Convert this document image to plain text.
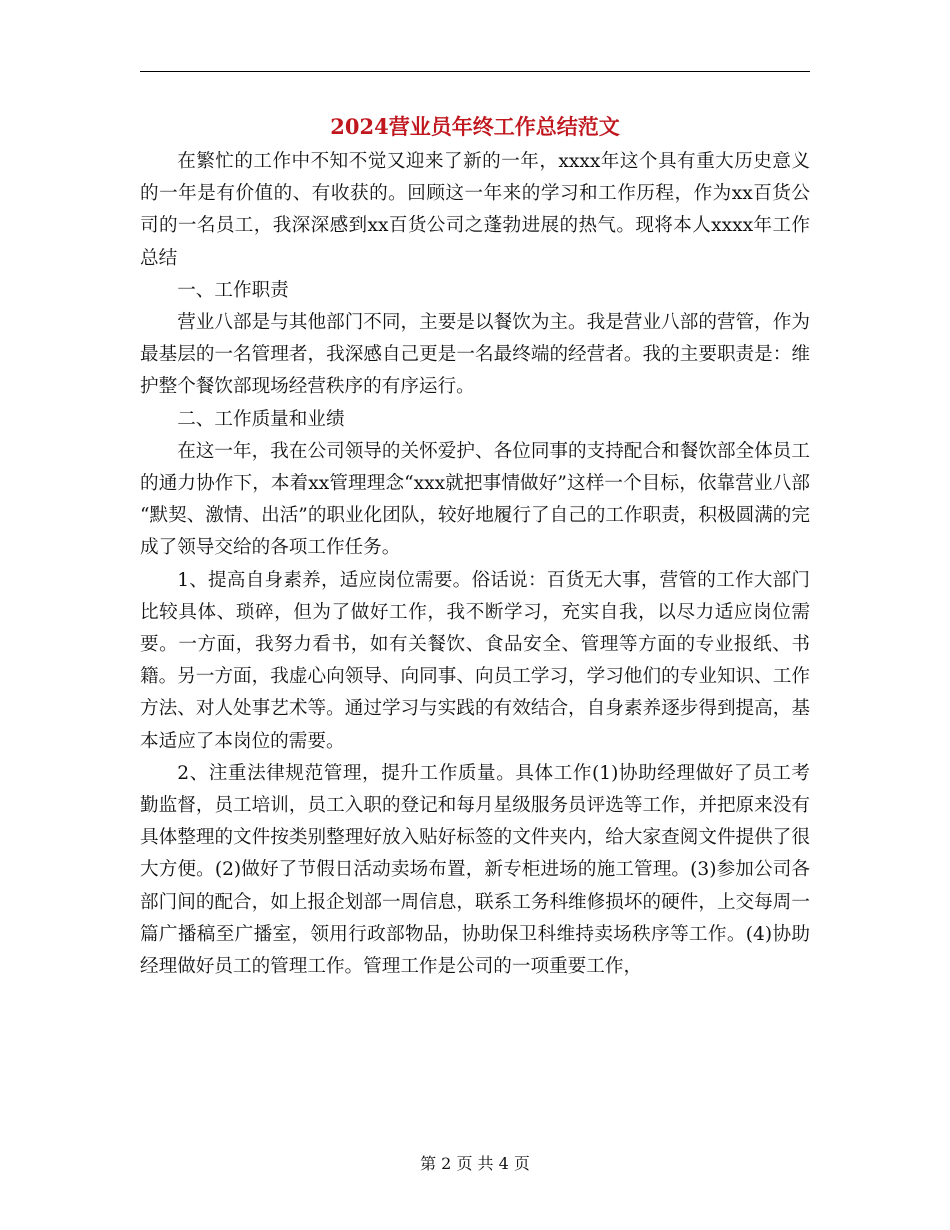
2024营业员年终工作总结范文

在繁忙的工作中不知不觉又迎来了新的一年，xxxx年这个具有重大历史意义的一年是有价值的、有收获的。回顾这一年来的学习和工作历程，作为xx百货公司的一名员工，我深深感到xx百货公司之蓬勃进展的热气。现将本人xxxx年工作总结

一、工作职责

营业八部是与其他部门不同，主要是以餐饮为主。我是营业八部的营管，作为最基层的一名管理者，我深感自己更是一名最终端的经营者。我的主要职责是：维护整个餐饮部现场经营秩序的有序运行。

二、工作质量和业绩

在这一年，我在公司领导的关怀爱护、各位同事的支持配合和餐饮部全体员工的通力协作下，本着xx管理理念“xxx就把事情做好”这样一个目标，依靠营业八部 “默契、激情、出活”的职业化团队，较好地履行了自己的工作职责，积极圆满的完成了领导交给的各项工作任务。

1、提高自身素养，适应岗位需要。俗话说：百货无大事，营管的工作大部门比较具体、琐碎，但为了做好工作，我不断学习，充实自我，以尽力适应岗位需要。一方面，我努力看书，如有关餐饮、食品安全、管理等方面的专业报纸、书籍。另一方面，我虚心向领导、向同事、向员工学习，学习他们的专业知识、工作方法、对人处事艺术等。通过学习与实践的有效结合，自身素养逐步得到提高，基本适应了本岗位的需要。

2、注重法律规范管理，提升工作质量。具体工作(1)协助经理做好了员工考勤监督，员工培训，员工入职的登记和每月星级服务员评选等工作，并把原来没有具体整理的文件按类别整理好放入贴好标签的文件夹内，给大家查阅文件提供了很大方便。(2)做好了节假日活动卖场布置，新专柜进场的施工管理。(3)参加公司各部门间的配合，如上报企划部一周信息，联系工务科维修损坏的硬件，上交每周一篇广播稿至广播室，领用行政部物品，协助保卫科维持卖场秩序等工作。(4)协助经理做好员工的管理工作。管理工作是公司的一项重要工作，

第 2 页 共 4 页
